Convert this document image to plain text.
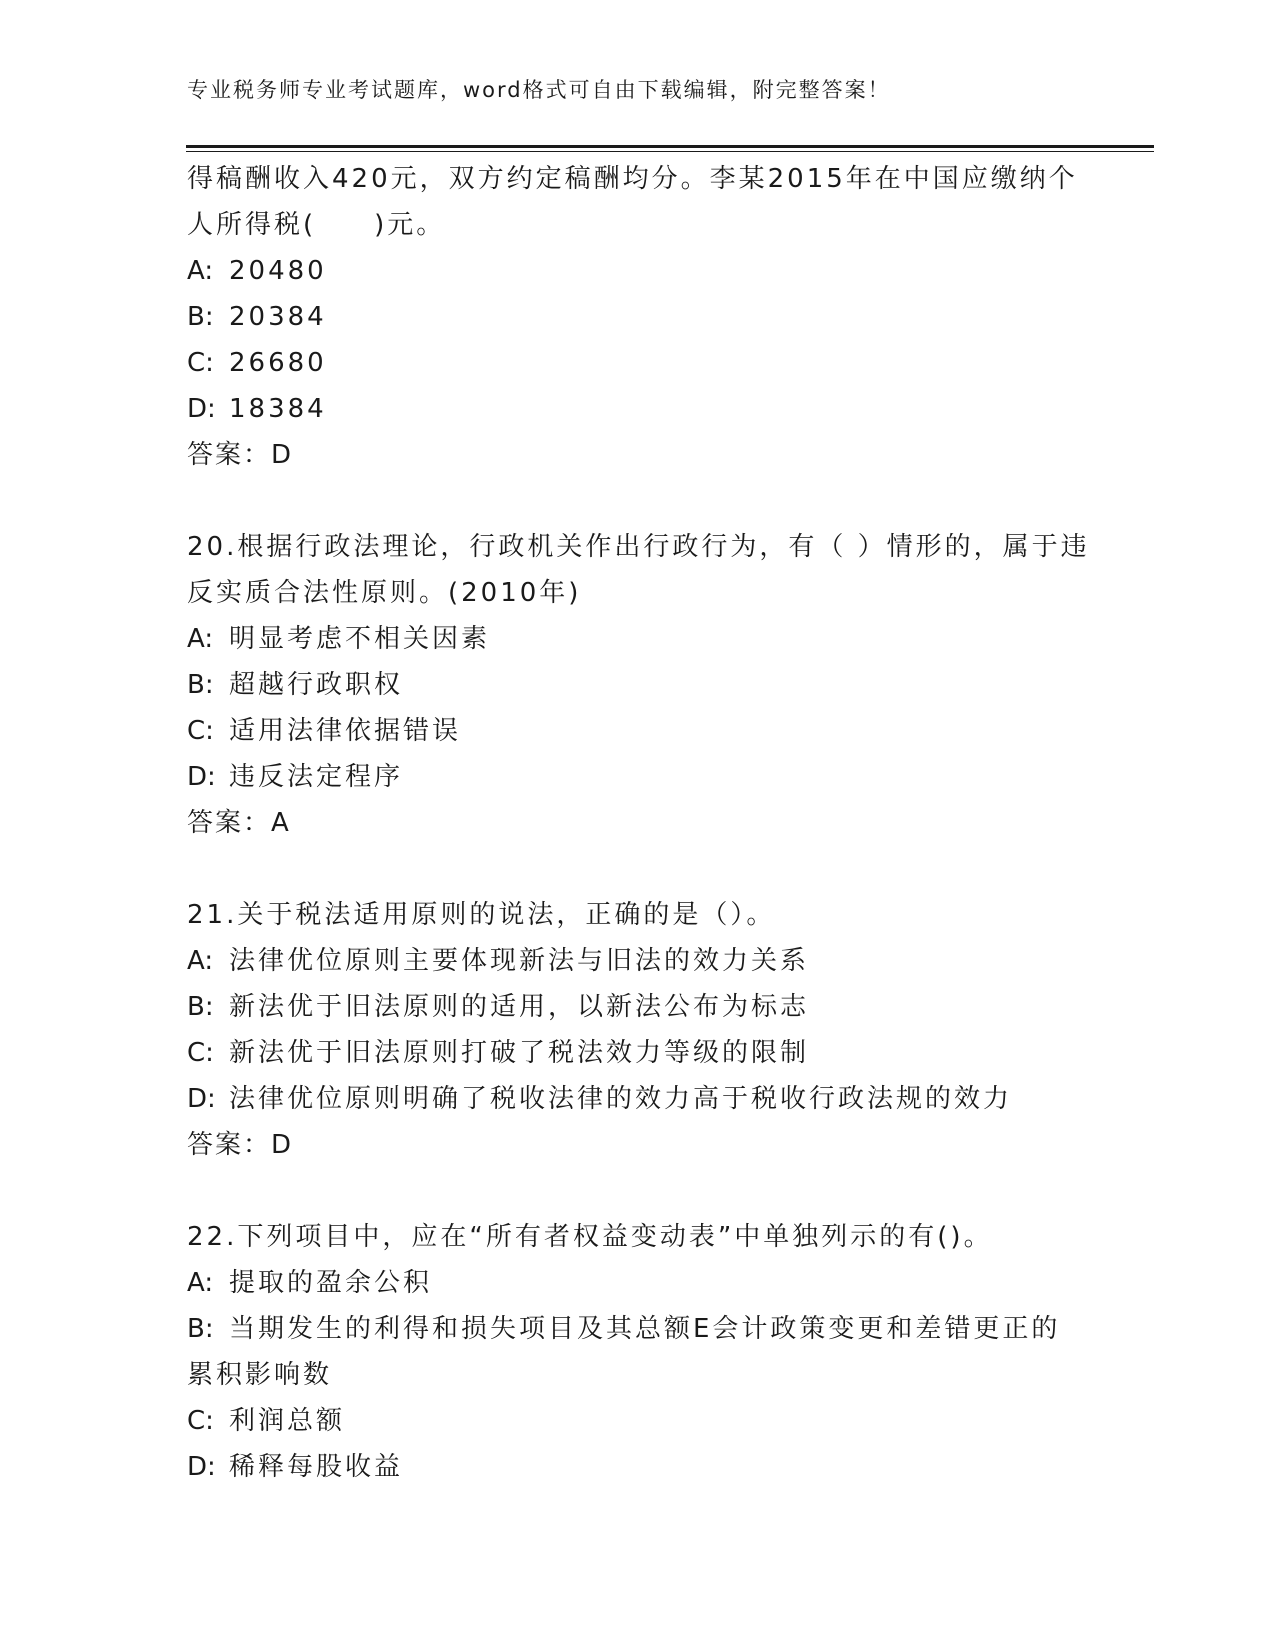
专业税务师专业考试题库，word格式可自由下载编辑，附完整答案！
得稿酬收入420元，双方约定稿酬均分。李某2015年在中国应缴纳个
人所得税(　　)元。
A: 20480
B: 20384
C: 26680
D: 18384
答案：D
20.根据行政法理论，行政机关作出行政行为，有（ ）情形的，属于违
反实质合法性原则。(2010年)
A: 明显考虑不相关因素
B: 超越行政职权
C: 适用法律依据错误
D: 违反法定程序
答案：A
21.关于税法适用原则的说法，正确的是（）。
A: 法律优位原则主要体现新法与旧法的效力关系
B: 新法优于旧法原则的适用，以新法公布为标志
C: 新法优于旧法原则打破了税法效力等级的限制
D: 法律优位原则明确了税收法律的效力高于税收行政法规的效力
答案：D
22.下列项目中，应在“所有者权益变动表”中单独列示的有()。
A: 提取的盈余公积
B: 当期发生的利得和损失项目及其总额E会计政策变更和差错更正的
累积影响数
C: 利润总额
D: 稀释每股收益
